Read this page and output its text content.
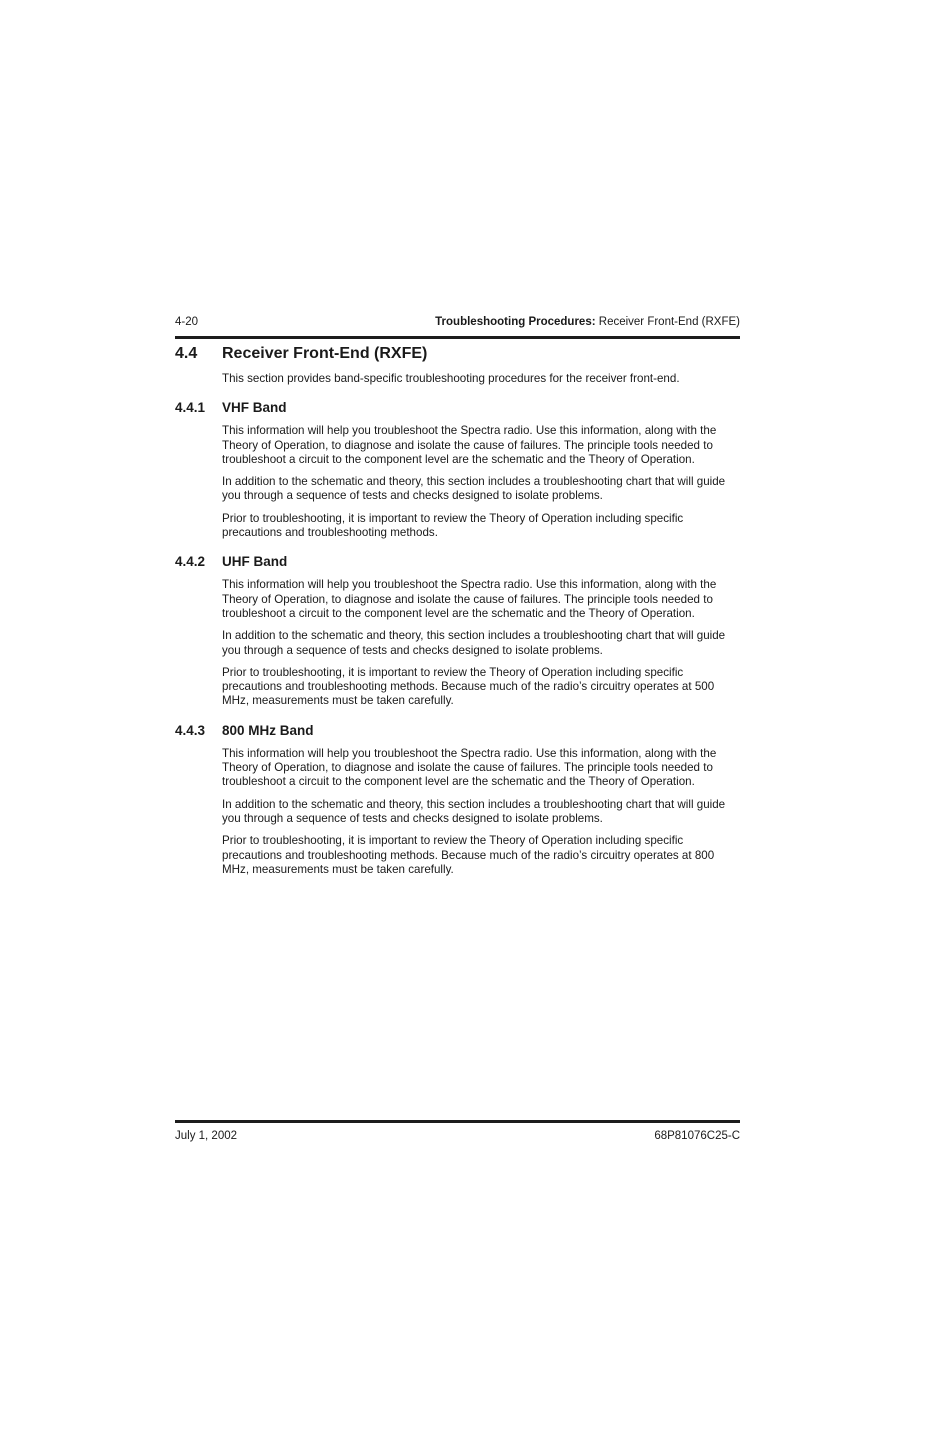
4-20	Troubleshooting Procedures: Receiver Front-End (RXFE)
4.4	Receiver Front-End (RXFE)

This section provides band-specific troubleshooting procedures for the receiver front-end.

4.4.1	VHF Band

This information will help you troubleshoot the Spectra radio. Use this information, along with the Theory of Operation, to diagnose and isolate the cause of failures. The principle tools needed to troubleshoot a circuit to the component level are the schematic and the Theory of Operation.

In addition to the schematic and theory, this section includes a troubleshooting chart that will guide you through a sequence of tests and checks designed to isolate problems.

Prior to troubleshooting, it is important to review the Theory of Operation including specific precautions and troubleshooting methods.

4.4.2	UHF Band

This information will help you troubleshoot the Spectra radio. Use this information, along with the Theory of Operation, to diagnose and isolate the cause of failures. The principle tools needed to troubleshoot a circuit to the component level are the schematic and the Theory of Operation.

In addition to the schematic and theory, this section includes a troubleshooting chart that will guide you through a sequence of tests and checks designed to isolate problems.

Prior to troubleshooting, it is important to review the Theory of Operation including specific precautions and troubleshooting methods. Because much of the radio’s circuitry operates at 500 MHz, measurements must be taken carefully.

4.4.3	800 MHz Band

This information will help you troubleshoot the Spectra radio. Use this information, along with the Theory of Operation, to diagnose and isolate the cause of failures. The principle tools needed to troubleshoot a circuit to the component level are the schematic and the Theory of Operation.

In addition to the schematic and theory, this section includes a troubleshooting chart that will guide you through a sequence of tests and checks designed to isolate problems.

Prior to troubleshooting, it is important to review the Theory of Operation including specific precautions and troubleshooting methods. Because much of the radio’s circuitry operates at 800 MHz, measurements must be taken carefully.

July 1, 2002	68P81076C25-C
